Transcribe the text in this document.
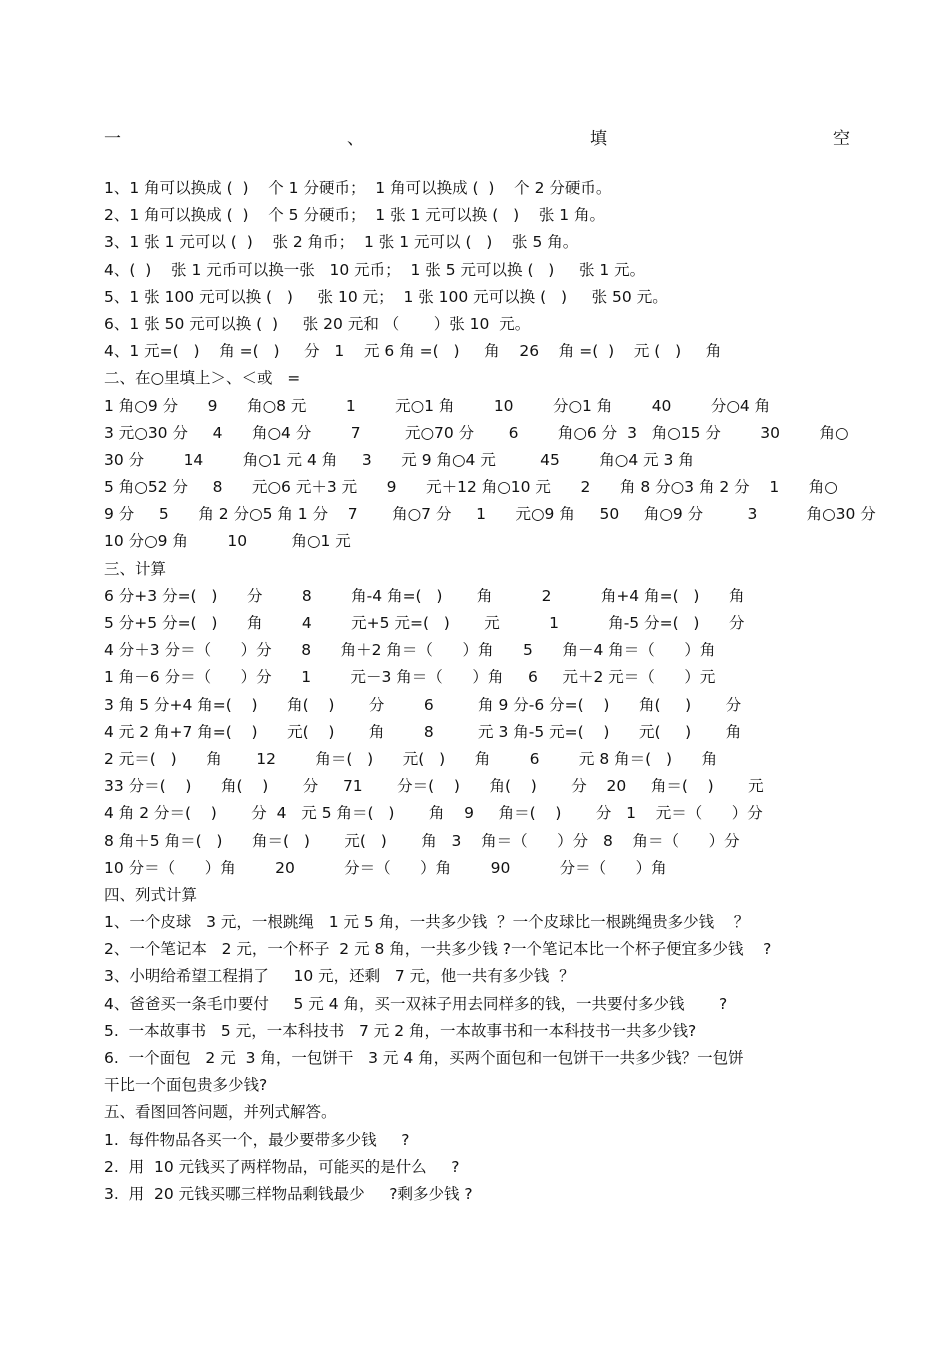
一	、	填	空
1、1 角可以换成 (  )    个 1 分硬币；  1 角可以换成 (  )    个 2 分硬币。
2、1 角可以换成 (  )    个 5 分硬币；  1 张 1 元可以换 (   )    张 1 角。
3、1 张 1 元可以 (  )    张 2 角币；  1 张 1 元可以 (   )    张 5 角。
4、(  )    张 1 元币可以换一张   10 元币；  1 张 5 元可以换 (   )     张 1 元。
5、1 张 100 元可以换 (   )     张 10 元；  1 张 100 元可以换 (   )     张 50 元。
6、1 张 50 元可以换 (  )     张 20 元和 （       ）张 10  元。
4、1 元=(   )    角 =(   )     分   1    元 6 角 =(   )     角    26    角 =(  )    元 (   )     角
二、在○里填上＞、＜或   =
1 角○9 分      9      角○8 元        1        元○1 角        10        分○1 角        40        分○4 角
3 元○30 分     4      角○4 分        7         元○70 分       6        角○6 分  3   角○15 分        30        角○
30 分        14        角○1 元 4 角     3      元 9 角○4 元         45        角○4 元 3 角
5 角○52 分     8      元○6 元＋3 元      9      元＋12 角○10 元      2      角 8 分○3 角 2 分    1      角○
9 分     5      角 2 分○5 角 1 分    7       角○7 分     1      元○9 角     50     角○9 分         3          角○30 分
10 分○9 角        10         角○1 元
三、计算
6 分+3 分=(   )      分        8        角-4 角=(   )       角          2          角+4 角=(   )      角
5 分+5 分=(   )      角        4        元+5 元=(   )       元          1          角-5 分=(   )      分
4 分＋3 分＝（      ）分      8      角＋2 角＝（      ）角      5      角－4 角＝（      ）角
1 角－6 分＝（      ）分      1        元－3 角＝（      ）角     6     元＋2 元＝（      ）元
3 角 5 分+4 角=(    )      角(    )       分        6         角 9 分-6 分=(    )      角(     )       分
4 元 2 角+7 角=(    )      元(    )       角        8         元 3 角-5 元=(    )      元(     )       角
2 元＝(   )      角       12        角＝(   )      元(   )      角        6        元 8 角＝(   )      角
33 分＝(    )      角(    )       分     71       分＝(    )      角(    )       分    20     角＝(    )       元
4 角 2 分＝(    )       分  4   元 5 角＝(   )       角    9     角＝(    )       分   1    元＝（      ）分
8 角＋5 角＝(   )      角＝(   )       元(   )       角   3    角＝（      ）分   8    角＝（      ）分
10 分＝（      ）角        20          分＝（      ）角        90          分＝（      ）角
四、列式计算
1、一个皮球   3 元，一根跳绳   1 元 5 角，一共多少钱  ？一个皮球比一根跳绳贵多少钱    ？
2、一个笔记本   2 元，一个杯子  2 元 8 角，一共多少钱 ?一个笔记本比一个杯子便宜多少钱    ?
3、小明给希望工程捐了     10 元，还剩   7 元，他一共有多少钱  ？
4、爸爸买一条毛巾要付     5 元 4 角，买一双袜子用去同样多的钱，一共要付多少钱       ?
5.  一本故事书   5 元，一本科技书   7 元 2 角，一本故事书和一本科技书一共多少钱?
6.  一个面包   2 元  3 角，一包饼干   3 元 4 角，买两个面包和一包饼干一共多少钱？一包饼
干比一个面包贵多少钱?
五、看图回答问题，并列式解答。
1.  每件物品各买一个，最少要带多少钱     ?
2.  用  10 元钱买了两样物品，可能买的是什么     ?
3.  用  20 元钱买哪三样物品剩钱最少     ?剩多少钱 ?
